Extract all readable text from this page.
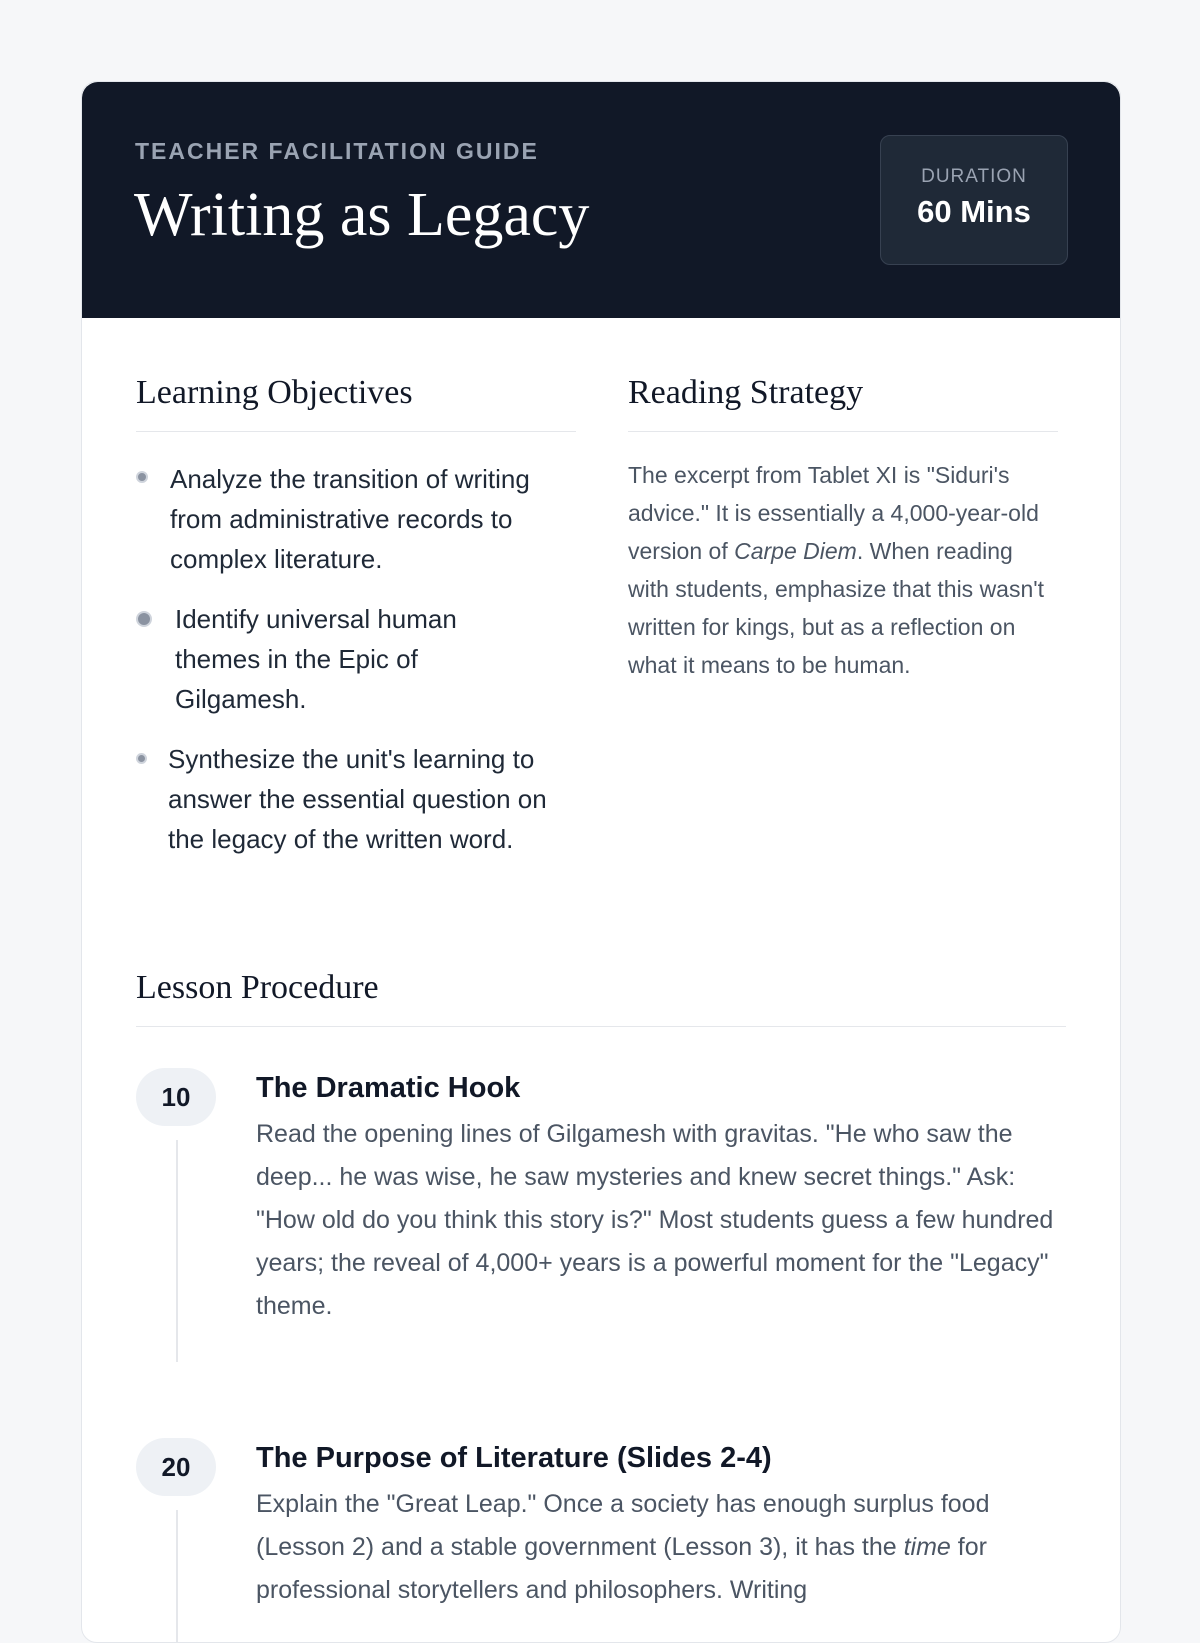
TEACHER FACILITATION GUIDE
Writing as Legacy
DURATION
60 Mins
Learning Objectives
Analyze the transition of writing from administrative records to complex literature.
Identify universal human themes in the Epic of Gilgamesh.
Synthesize the unit's learning to answer the essential question on the legacy of the written word.
Reading Strategy
The excerpt from Tablet XI is "Siduri's advice." It is essentially a 4,000-year-old version of Carpe Diem. When reading with students, emphasize that this wasn't written for kings, but as a reflection on what it means to be human.
Lesson Procedure
10	The Dramatic Hook
Read the opening lines of Gilgamesh with gravitas. "He who saw the deep... he was wise, he saw mysteries and knew secret things." Ask: "How old do you think this story is?" Most students guess a few hundred years; the reveal of 4,000+ years is a powerful moment for the "Legacy" theme.
20	The Purpose of Literature (Slides 2-4)
Explain the "Great Leap." Once a society has enough surplus food (Lesson 2) and a stable government (Lesson 3), it has the time for professional storytellers and philosophers. Writing
